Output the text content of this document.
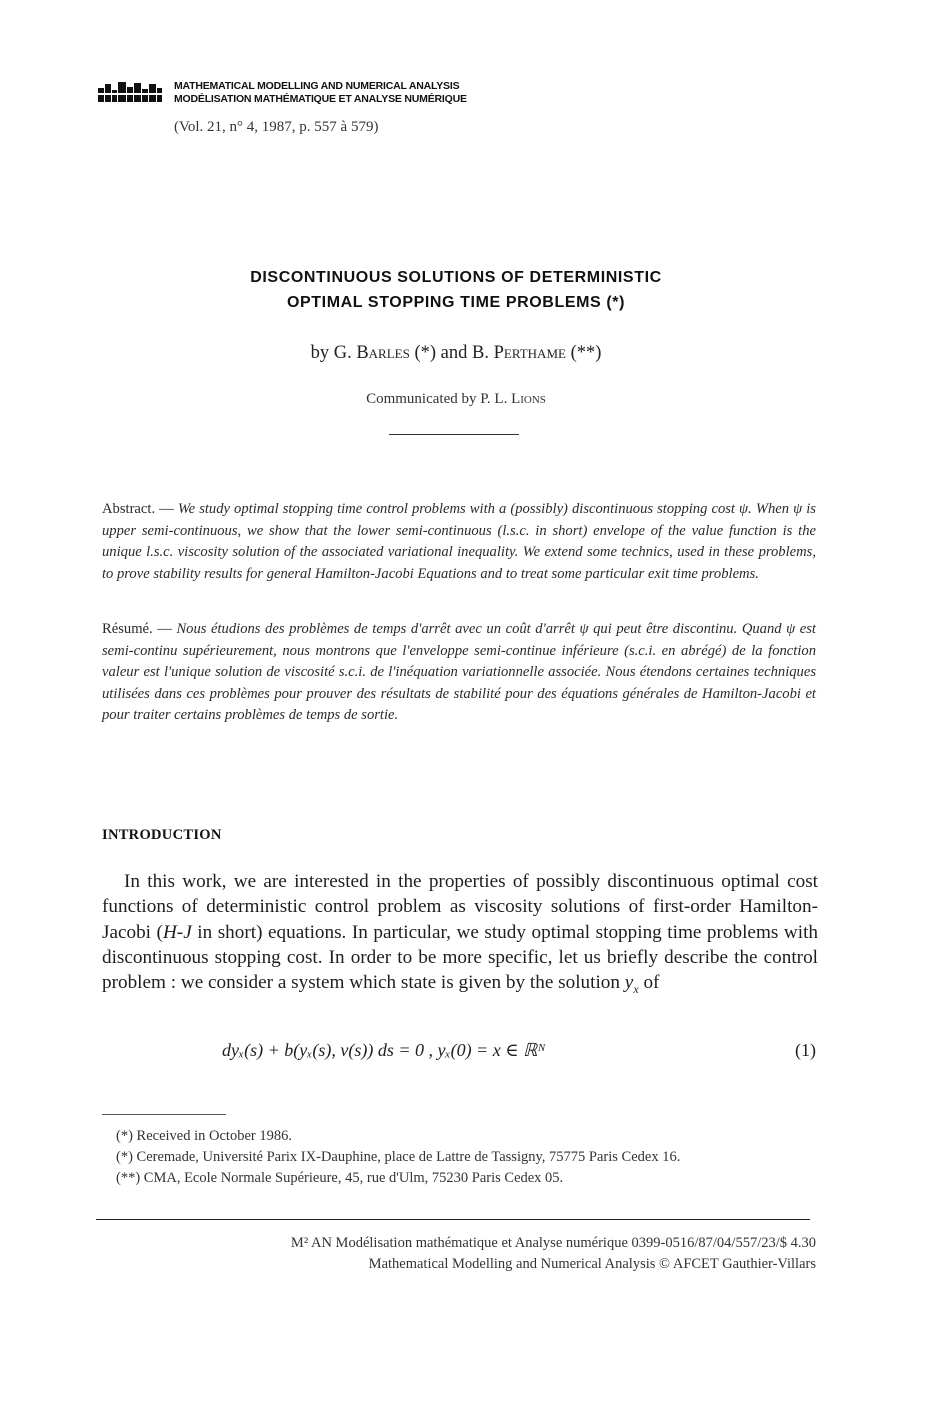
MATHEMATICAL MODELLING AND NUMERICAL ANALYSIS
MODÉLISATION MATHÉMATIQUE ET ANALYSE NUMÉRIQUE
(Vol. 21, n° 4, 1987, p. 557 à 579)
DISCONTINUOUS SOLUTIONS OF DETERMINISTIC
OPTIMAL STOPPING TIME PROBLEMS (*)
by G. Barles (*) and B. Perthame (**)
Communicated by P. L. Lions
Abstract. — We study optimal stopping time control problems with a (possibly) discontinuous stopping cost ψ. When ψ is upper semi-continuous, we show that the lower semi-continuous (l.s.c. in short) envelope of the value function is the unique l.s.c. viscosity solution of the associated variational inequality. We extend some technics, used in these problems, to prove stability results for general Hamilton-Jacobi Equations and to treat some particular exit time problems.
Résumé. — Nous étudions des problèmes de temps d'arrêt avec un coût d'arrêt ψ qui peut être discontinu. Quand ψ est semi-continu supérieurement, nous montrons que l'enveloppe semi-continue inférieure (s.c.i. en abrégé) de la fonction valeur est l'unique solution de viscosité s.c.i. de l'inéquation variationnelle associée. Nous étendons certaines techniques utilisées dans ces problèmes pour prouver des résultats de stabilité pour des équations générales de Hamilton-Jacobi et pour traiter certains problèmes de temps de sortie.
INTRODUCTION
In this work, we are interested in the properties of possibly discontinuous optimal cost functions of deterministic control problem as viscosity solutions of first-order Hamilton-Jacobi (H-J in short) equations. In particular, we study optimal stopping time problems with discontinuous stopping cost. In order to be more specific, let us briefly describe the control problem : we consider a system which state is given by the solution $y_x$ of
dyₓ(s) + b(yₓ(s), v(s)) ds = 0 , yₓ(0) = x ∈ ℝᴺ	(1)
(*) Received in October 1986.
(*) Ceremade, Université Parix IX-Dauphine, place de Lattre de Tassigny, 75775 Paris Cedex 16.
(**) CMA, Ecole Normale Supérieure, 45, rue d'Ulm, 75230 Paris Cedex 05.
M² AN Modélisation mathématique et Analyse numérique 0399-0516/87/04/557/23/$ 4.30
Mathematical Modelling and Numerical Analysis © AFCET Gauthier-Villars
